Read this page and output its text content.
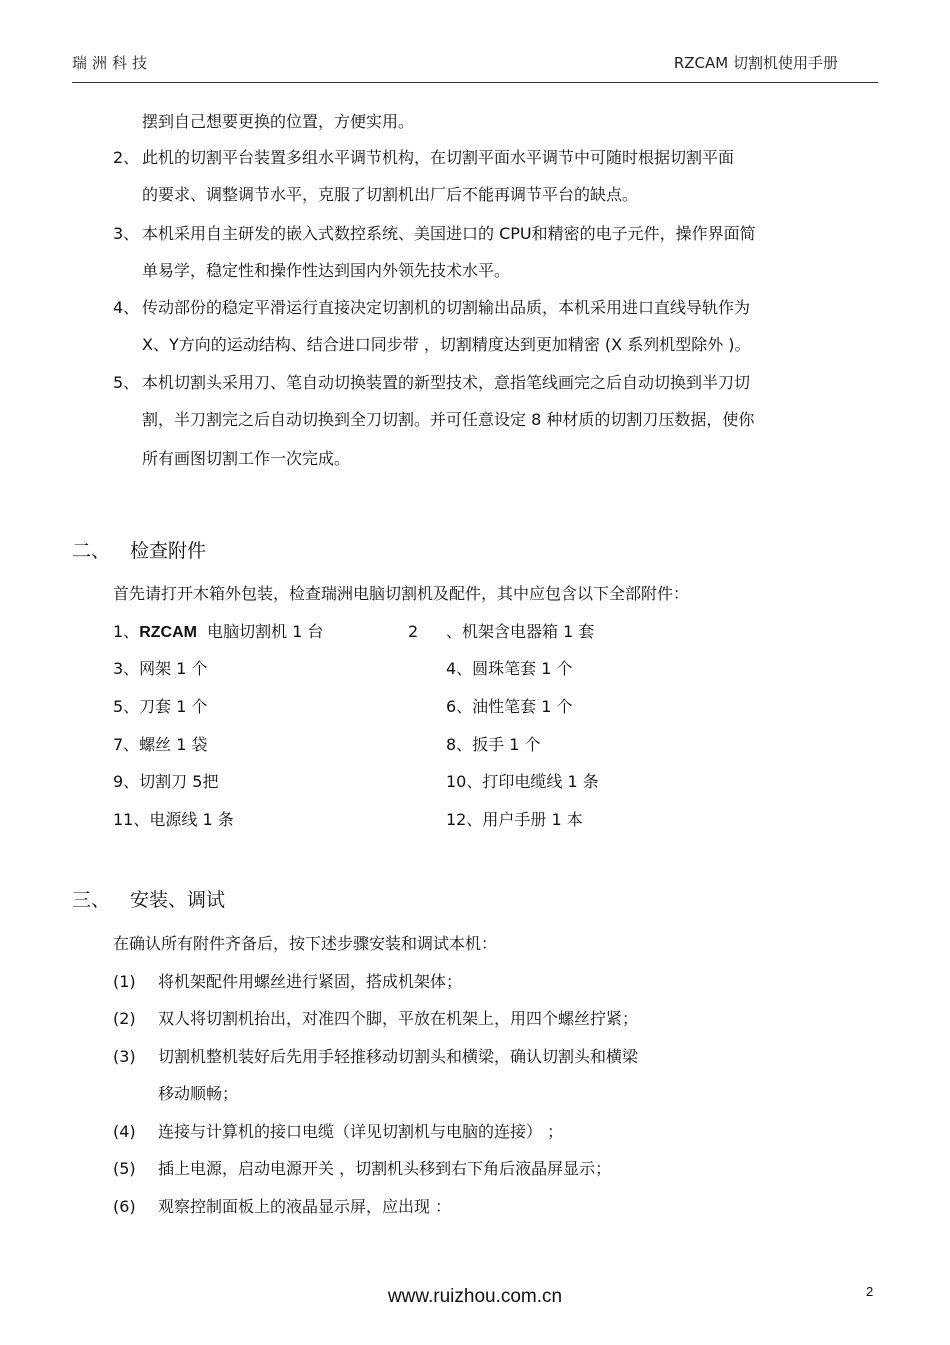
瑞洲科技	RZCAM 切割机使用手册
摆到自己想要更换的位置，方便实用。
2、 此机的切割平台装置多组水平调节机构，在切割平面水平调节中可随时根据切割平面
的要求、调整调节水平，克服了切割机出厂后不能再调节平台的缺点。
3、 本机采用自主研发的嵌入式数控系统、美国进口的 CPU和精密的电子元件，操作界面简
单易学，稳定性和操作性达到国内外领先技术水平。
4、 传动部份的稳定平滑运行直接决定切割机的切割输出品质，本机采用进口直线导轨作为
X、Y方向的运动结构、结合进口同步带 ，切割精度达到更加精密 (X 系列机型除外 )。
5、 本机切割头采用刀、笔自动切换装置的新型技术，意指笔线画完之后自动切换到半刀切
割，半刀割完之后自动切换到全刀切割。并可任意设定 8 种材质的切割刀压数据，使你
所有画图切割工作一次完成。
二、 检查附件
首先请打开木箱外包装，检查瑞洲电脑切割机及配件，其中应包含以下全部附件：
1、RZCAM 电脑切割机 1 台	2 、机架含电器箱 1 套
3、网架 1 个	4、圆珠笔套 1 个
5、刀套 1 个	6、油性笔套 1 个
7、螺丝 1 袋	8、扳手 1 个
9、切割刀 5把	10、打印电缆线 1 条
11、电源线 1 条	12、用户手册 1 本
三、 安装、调试
在确认所有附件齐备后，按下述步骤安装和调试本机：
(1) 将机架配件用螺丝进行紧固，搭成机架体；
(2) 双人将切割机抬出，对准四个脚，平放在机架上，用四个螺丝拧紧；
(3) 切割机整机装好后先用手轻推移动切割头和横梁，确认切割头和横梁
移动顺畅；
(4) 连接与计算机的接口电缆（详见切割机与电脑的连接） ；
(5) 插上电源，启动电源开关 ，切割机头移到右下角后液晶屏显示；
(6) 观察控制面板上的液晶显示屏，应出现 ：
www.ruizhou.com.cn	2
